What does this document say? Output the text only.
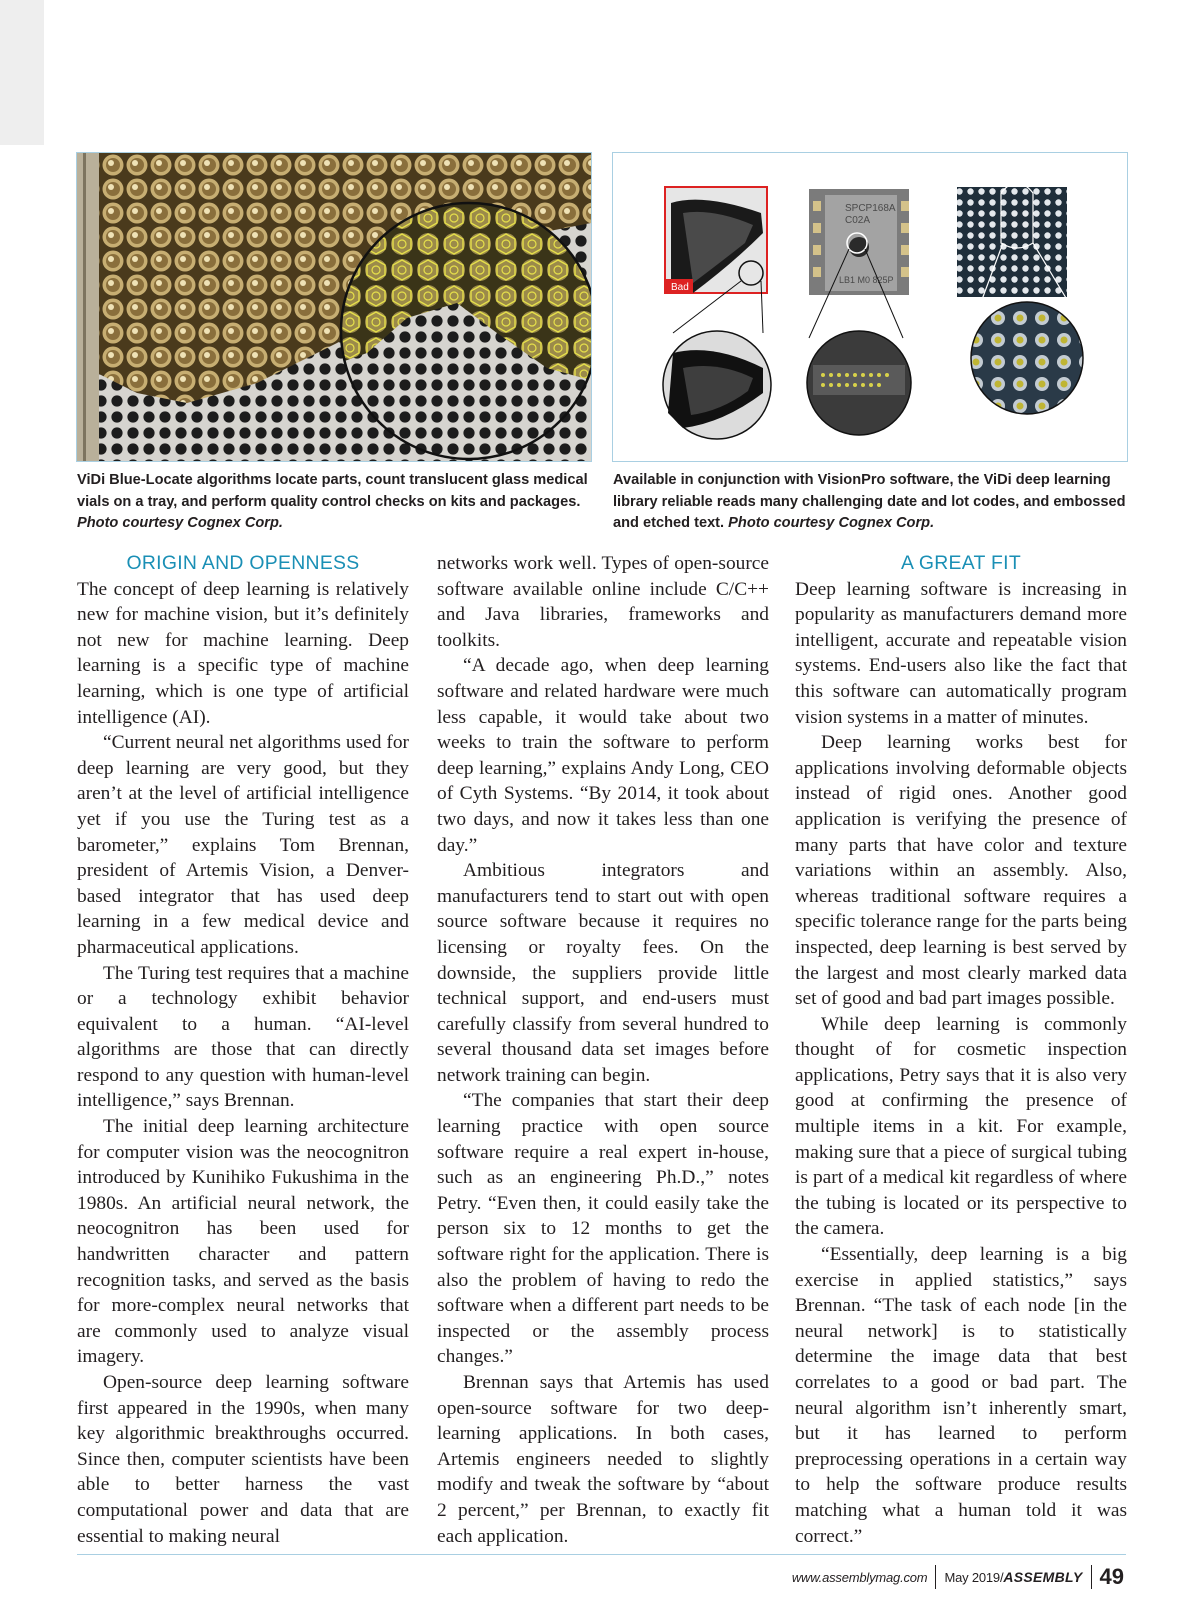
Bad
SPCP168A
C02A
LB1 M0 825P
ViDi Blue-Locate algorithms locate parts, count translucent glass medical vials on a tray, and perform quality control checks on kits and packages. Photo courtesy Cognex Corp.
Available in conjunction with VisionPro software, the ViDi deep learning library reliable reads many challenging date and lot codes, and embossed and etched text. Photo courtesy Cognex Corp.
ORIGIN AND OPENNESS

The concept of deep learning is relatively new for machine vision, but it’s definitely not new for machine learning. Deep learning is a specific type of machine learning, which is one type of artificial intelligence (AI).

“Current neural net algorithms used for deep learning are very good, but they aren’t at the level of artificial intelligence yet if you use the Turing test as a barometer,” explains Tom Brennan, president of Artemis Vision, a Denver-based integrator that has used deep learning in a few medical device and pharmaceutical applications.

The Turing test requires that a machine or a technology exhibit behavior equivalent to a human. “AI-level algorithms are those that can directly respond to any question with human-level intelligence,” says Brennan.

The initial deep learning architecture for computer vision was the neocognitron introduced by Kunihiko Fukushima in the 1980s. An artificial neural network, the neocognitron has been used for handwritten character and pattern recognition tasks, and served as the basis for more-complex neural networks that are commonly used to analyze visual imagery.

Open-source deep learning software first appeared in the 1990s, when many key algorithmic breakthroughs occurred. Since then, computer scientists have been able to better harness the vast computational power and data that are essential to making neural

networks work well. Types of open-source software available online include C/C++ and Java libraries, frameworks and toolkits.

“A decade ago, when deep learning software and related hardware were much less capable, it would take about two weeks to train the software to perform deep learning,” explains Andy Long, CEO of Cyth Systems. “By 2014, it took about two days, and now it takes less than one day.”

Ambitious integrators and manufacturers tend to start out with open source software because it requires no licensing or royalty fees. On the downside, the suppliers provide little technical support, and end-users must carefully classify from several hundred to several thousand data set images before network training can begin.

“The companies that start their deep learning practice with open source software require a real expert in-house, such as an engineering Ph.D.,” notes Petry. “Even then, it could easily take the person six to 12 months to get the software right for the application. There is also the problem of having to redo the software when a different part needs to be inspected or the assembly process changes.”

Brennan says that Artemis has used open-source software for two deep-learning applications. In both cases, Artemis engineers needed to slightly modify and tweak the software by “about 2 percent,” per Brennan, to exactly fit each application.

A GREAT FIT

Deep learning software is increasing in popularity as manufacturers demand more intelligent, accurate and repeatable vision systems. End-users also like the fact that this software can automatically program vision systems in a matter of minutes.

Deep learning works best for applications involving deformable objects instead of rigid ones. Another good application is verifying the presence of many parts that have color and texture variations within an assembly. Also, whereas traditional software requires a specific tolerance range for the parts being inspected, deep learning is best served by the largest and most clearly marked data set of good and bad part images possible.

While deep learning is commonly thought of for cosmetic inspection applications, Petry says that it is also very good at confirming the presence of multiple items in a kit. For example, making sure that a piece of surgical tubing is part of a medical kit regardless of where the tubing is located or its perspective to the camera.

“Essentially, deep learning is a big exercise in applied statistics,” says Brennan. “The task of each node [in the neural network] is to statistically determine the image data that best correlates to a good or bad part. The neural algorithm isn’t inherently smart, but it has learned to perform preprocessing operations in a certain way to help the software produce results matching what a human told it was correct.”

www.assemblymag.com May 2019/ ASSEMBLY 49
